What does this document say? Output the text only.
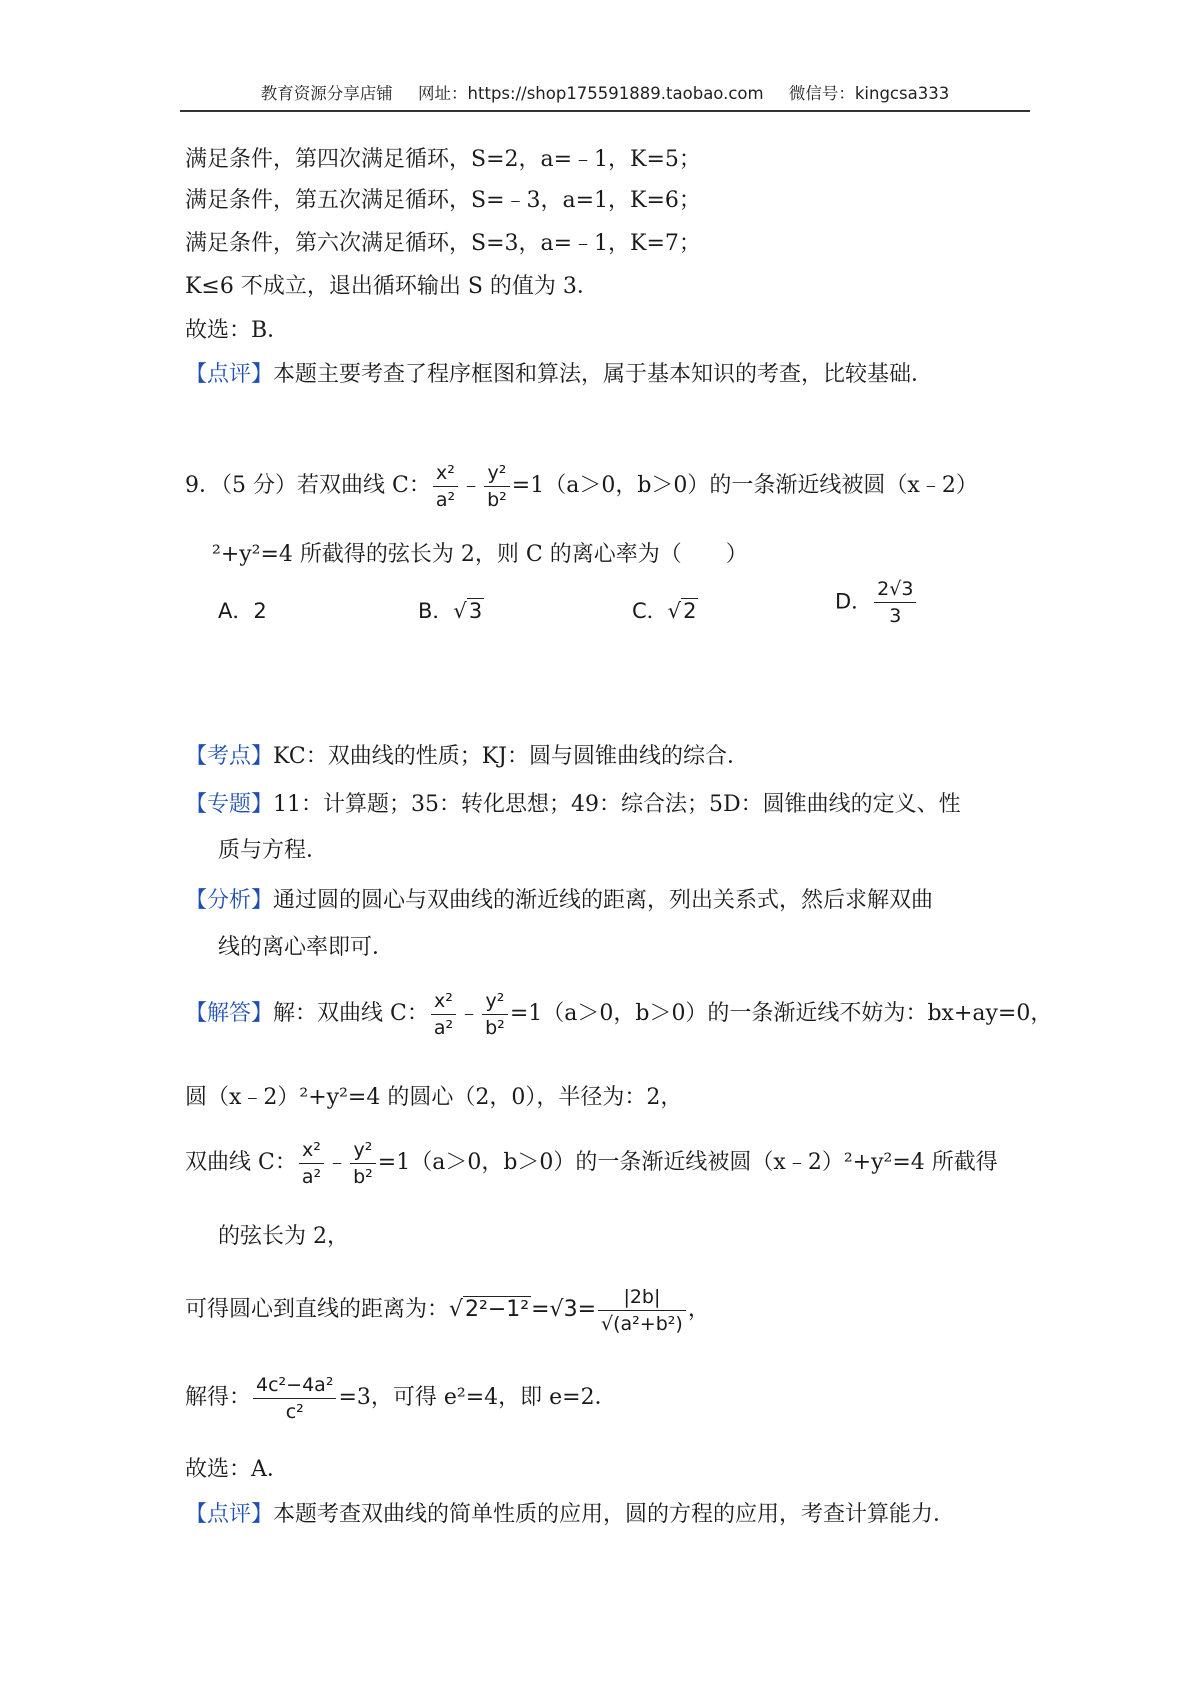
教育资源分享店铺 网址：https://shop175591889.taobao.com 微信号：kingcsa333
满足条件，第四次满足循环，S=2，a=﹣1，K=5；
满足条件，第五次满足循环，S=﹣3，a=1，K=6；
满足条件，第六次满足循环，S=3，a=﹣1，K=7；
K≤6 不成立，退出循环输出 S 的值为 3．
故选：B．
【点评】本题主要考查了程序框图和算法，属于基本知识的考查，比较基础．
9．（5 分）若双曲线 C： $\frac{\text{x²}}{\text{a²}}$ ﹣ $\frac{\text{y²}}{\text{b²}} =1(a>0$，b＞0）的一条渐近线被圆（x﹣2）
²+y²=4 所截得的弦长为 2，则 C 的离心率为（　　）
A．2	B．√3	C．√2	D． $\frac{2√3}{3}$
【考点】KC：双曲线的性质；KJ：圆与圆锥曲线的综合．
【专题】11：计算题；35：转化思想；49：综合法；5D：圆锥曲线的定义、性
质与方程．
【分析】通过圆的圆心与双曲线的渐近线的距离，列出关系式，然后求解双曲
线的离心率即可．
【解答】解：双曲线 C： $\frac{\text{x²}}{\text{a²}}$ ﹣ $\frac{\text{y²}}{\text{b²}} =1(a>0$，b＞0）的一条渐近线不妨为：bx+ay=0，
圆（x﹣2）²+y²=4 的圆心（2，0），半径为：2，
双曲线 C： $\frac{\text{x²}}{\text{a²}}$ ﹣ $\frac{\text{y²}}{\text{b²}} =1(a>0$，b＞0）的一条渐近线被圆（x﹣2）²+y²=4 所截得
的弦长为 2，
可得圆心到直线的距离为：$√2^2-1^2=√3= \frac{|2b|}{\text{√(a²+b²)}}$ ，
解得： $\frac{\text{4c²−4a²}}{\text{c²}} =3$，可得 e²=4，即 e=2．
故选：A．
【点评】本题考查双曲线的简单性质的应用，圆的方程的应用，考查计算能力．
